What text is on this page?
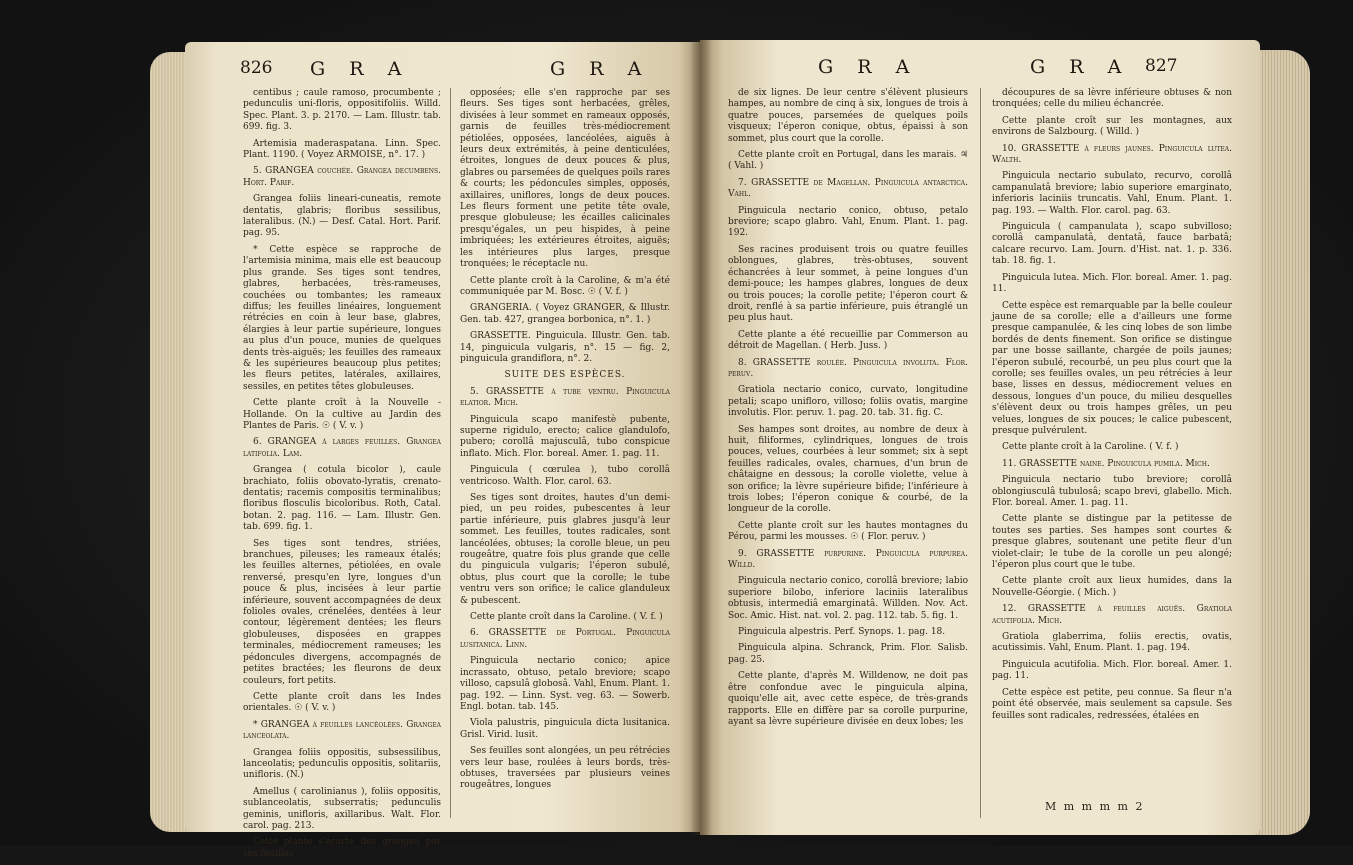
826 G R A	G R A

centibus ; caule ramoso, procumbente ; pedunculis uni-floris, oppositifoliis. Willd. Spec. Plant. 3. p. 2170. — Lam. Illustr. tab. 699. fig. 3.

Artemisia maderaspatana. Linn. Spec. Plant. 1190. ( Voyez ARMOISE, n°. 17. )

5. GRANGEA couchée. Grangea decumbens. Hort. Parif.

Grangea foliis lineari-cuneatis, remote dentatis, glabris; floribus sessilibus, lateralibus. (N.) — Desf. Catal. Hort. Parif. pag. 95.

* Cette espèce se rapproche de l'artemisia minima, mais elle est beaucoup plus grande. Ses tiges sont tendres, glabres, herbacées, très-rameuses, couchées ou tombantes; les rameaux diffus; les feuilles linéaires, longuement rétrécies en coin à leur base, glabres, élargies à leur partie supérieure, longues au plus d'un pouce, munies de quelques dents très-aiguës; les feuilles des rameaux & les supérieures beaucoup plus petites; les fleurs petites, latérales, axillaires, sessiles, en petites têtes globuleuses.

Cette plante croît à la Nouvelle - Hollande. On la cultive au Jardin des Plantes de Paris. ☉ ( V. v. )

6. GRANGEA à larges feuilles. Grangea latifolia. Lam.

Grangea ( cotula bicolor ), caule brachiato, foliis obovato-lyratis, crenato-dentatis; racemis compositis terminalibus; floribus flosculis bicoloribus. Roth, Catal. botan. 2. pag. 116. — Lam. Illustr. Gen. tab. 699. fig. 1.

Ses tiges sont tendres, striées, branchues, pileuses; les rameaux étalés; les feuilles alternes, pétiolées, en ovale renversé, presqu'en lyre, longues d'un pouce & plus, incisées à leur partie inférieure, souvent accompagnées de deux folioles ovales, crénelées, dentées à leur contour, légèrement dentées; les fleurs globuleuses, disposées en grappes terminales, médiocrement rameuses; les pédoncules divergens, accompagnés de petites bractées; les fleurons de deux couleurs, fort petits.

Cette plante croît dans les Indes orientales. ☉ ( V. v. )

* GRANGEA à feuilles lancéolées. Grangea lanceolata.

Grangea foliis oppositis, subsessilibus, lanceolatis; pedunculis oppositis, solitariis, unifloris. (N.)

Amellus ( carolinianus ), foliis oppositis, sublanceolatis, subserratis; pedunculis geminis, unifloris, axillaribus. Walt. Flor. carol. pag. 213.

Cette plante s'écarte des grangea par ses feuilles

opposées; elle s'en rapproche par ses fleurs. Ses tiges sont herbacées, grêles, divisées à leur sommet en rameaux opposés, garnis de feuilles très-médiocrement pétiolées, opposées, lancéolées, aiguës à leurs deux extrémités, à peine denticulées, étroites, longues de deux pouces & plus, glabres ou parsemées de quelques poils rares & courts; les pédoncules simples, opposés, axillaires, uniflores, longs de deux pouces. Les fleurs forment une petite tête ovale, presque globuleuse; les écailles calicinales presqu'égales, un peu hispides, à peine imbriquées; les extérieures étroites, aiguës; les intérieures plus larges, presque tronquées; le réceptacle nu.

Cette plante croît à la Caroline, & m'a été communiquée par M. Bosc. ☉ ( V. f. )

GRANGERIA. ( Voyez GRANGER, & Illustr. Gen. tab. 427, grangea borbonica, n°. 1. )

GRASSETTE. Pinguicula. Illustr. Gen. tab. 14, pinguicula vulgaris, n°. 15 — fig. 2, pinguicula grandiflora, n°. 2.

SUITE DES ESPÈCES.

5. GRASSETTE à tube ventru. Pinguicula elatior. Mich.

Pinguicula scapo manifestè pubente, superne rigidulo, erecto; calice glandulofo, pubero; corollâ majusculâ, tubo conspicue inflato. Mich. Flor. boreal. Amer. 1. pag. 11.

Pinguicula ( cœrulea ), tubo corollâ ventricoso. Walth. Flor. carol. 63.

Ses tiges sont droites, hautes d'un demi-pied, un peu roides, pubescentes à leur partie inférieure, puis glabres jusqu'à leur sommet. Les feuilles, toutes radicales, sont lancéolées, obtuses; la corolle bleue, un peu rougeâtre, quatre fois plus grande que celle du pinguicula vulgaris; l'éperon subulé, obtus, plus court que la corolle; le tube ventru vers son orifice; le calice glanduleux & pubescent.

Cette plante croît dans la Caroline. ( V. f. )

6. GRASSETTE de Portugal. Pinguicula lusitanica. Linn.

Pinguicula nectario conico; apice incrassato, obtuso, petalo breviore; scapo villoso, capsulâ globosâ. Vahl, Enum. Plant. 1. pag. 192. — Linn. Syst. veg. 63. — Sowerb. Engl. botan. tab. 145.

Viola palustris, pinguicula dicta lusitanica. Grisl. Virid. lusit.

Ses feuilles sont alongées, un peu rétrécies vers leur base, roulées à leurs bords, très-obtuses, traversées par plusieurs veines rougeâtres, longues

G R A	G R A 827

de six lignes. De leur centre s'élèvent plusieurs hampes, au nombre de cinq à six, longues de trois à quatre pouces, parsemées de quelques poils visqueux; l'éperon conique, obtus, épaissi à son sommet, plus court que la corolle.

Cette plante croît en Portugal, dans les marais. ♃ ( Vahl. )

7. GRASSETTE de Magellan. Pinguicula antarctica. Vahl.

Pinguicula nectario conico, obtuso, petalo breviore; scapo glabro. Vahl, Enum. Plant. 1. pag. 192.

Ses racines produisent trois ou quatre feuilles oblongues, glabres, très-obtuses, souvent échancrées à leur sommet, à peine longues d'un demi-pouce; les hampes glabres, longues de deux ou trois pouces; la corolle petite; l'éperon court & droit, renflé à sa partie inférieure, puis étranglé un peu plus haut.

Cette plante a été recueillie par Commerson au détroit de Magellan. ( Herb. Juss. )

8. GRASSETTE roulée. Pinguicula involuta. Flor. peruv.

Gratiola nectario conico, curvato, longitudine petali; scapo unifloro, villoso; foliis ovatis, margine involutis. Flor. peruv. 1. pag. 20. tab. 31. fig. C.

Ses hampes sont droites, au nombre de deux à huit, filiformes, cylindriques, longues de trois pouces, velues, courbées à leur sommet; six à sept feuilles radicales, ovales, charnues, d'un brun de châtaigne en dessous; la corolle violette, velue à son orifice; la lèvre supérieure bifide; l'inférieure à trois lobes; l'éperon conique & courbé, de la longueur de la corolle.

Cette plante croît sur les hautes montagnes du Pérou, parmi les mousses. ☉ ( Flor. peruv. )

9. GRASSETTE purpurine. Pinguicula purpurea. Willd.

Pinguicula nectario conico, corollâ breviore; labio superiore bilobo, inferiore laciniis lateralibus obtusis, intermediâ emarginatâ. Willden. Nov. Act. Soc. Amic. Hist. nat. vol. 2. pag. 112. tab. 5. fig. 1.

Pinguicula alpestris. Perf. Synops. 1. pag. 18.

Pinguicula alpina. Schranck, Prim. Flor. Salisb. pag. 25.

Cette plante, d'après M. Willdenow, ne doit pas être confondue avec le pinguicula alpina, quoiqu'elle ait, avec cette espèce, de très-grands rapports. Elle en diffère par sa corolle purpurine, ayant sa lèvre supérieure divisée en deux lobes; les

découpures de sa lèvre inférieure obtuses & non tronquées; celle du milieu échancrée.

Cette plante croît sur les montagnes, aux environs de Salzbourg. ( Willd. )

10. GRASSETTE à fleurs jaunes. Pinguicula lutea. Walth.

Pinguicula nectario subulato, recurvo, corollâ campanulatâ breviore; labio superiore emarginato, inferioris laciniis truncatis. Vahl, Enum. Plant. 1. pag. 193. — Walth. Flor. carol. pag. 63.

Pinguicula ( campanulata ), scapo subvilloso; corollâ campanulatâ, dentatâ, fauce barbatâ; calcare recurvo. Lam. Journ. d'Hist. nat. 1. p. 336. tab. 18. fig. 1.

Pinguicula lutea. Mich. Flor. boreal. Amer. 1. pag. 11.

Cette espèce est remarquable par la belle couleur jaune de sa corolle; elle a d'ailleurs une forme presque campanulée, & les cinq lobes de son limbe bordés de dents finement. Son orifice se distingue par une bosse saillante, chargée de poils jaunes; l'éperon subulé, recourbé, un peu plus court que la corolle; ses feuilles ovales, un peu rétrécies à leur base, lisses en dessus, médiocrement velues en dessous, longues d'un pouce, du milieu desquelles s'élèvent deux ou trois hampes grêles, un peu velues, longues de six pouces; le calice pubescent, presque pulvérulent.

Cette plante croît à la Caroline. ( V. f. )

11. GRASSETTE naine. Pinguicula pumila. Mich.

Pinguicula nectario tubo breviore; corollâ oblongiusculâ tubulosâ; scapo brevi, glabello. Mich. Flor. boreal. Amer. 1. pag. 11.

Cette plante se distingue par la petitesse de toutes ses parties. Ses hampes sont courtes & presque glabres, soutenant une petite fleur d'un violet-clair; le tube de la corolle un peu alongé; l'éperon plus court que le tube.

Cette plante croît aux lieux humides, dans la Nouvelle-Géorgie. ( Mich. )

12. GRASSETTE à feuilles aiguës. Gratiola acutifolia. Mich.

Gratiola glaberrima, foliis erectis, ovatis, acutissimis. Vahl, Enum. Plant. 1. pag. 194.

Pinguicula acutifolia. Mich. Flor. boreal. Amer. 1. pag. 11.

Cette espèce est petite, peu connue. Sa fleur n'a point été observée, mais seulement sa capsule. Ses feuilles sont radicales, redressées, étalées en

M m m m m 2
